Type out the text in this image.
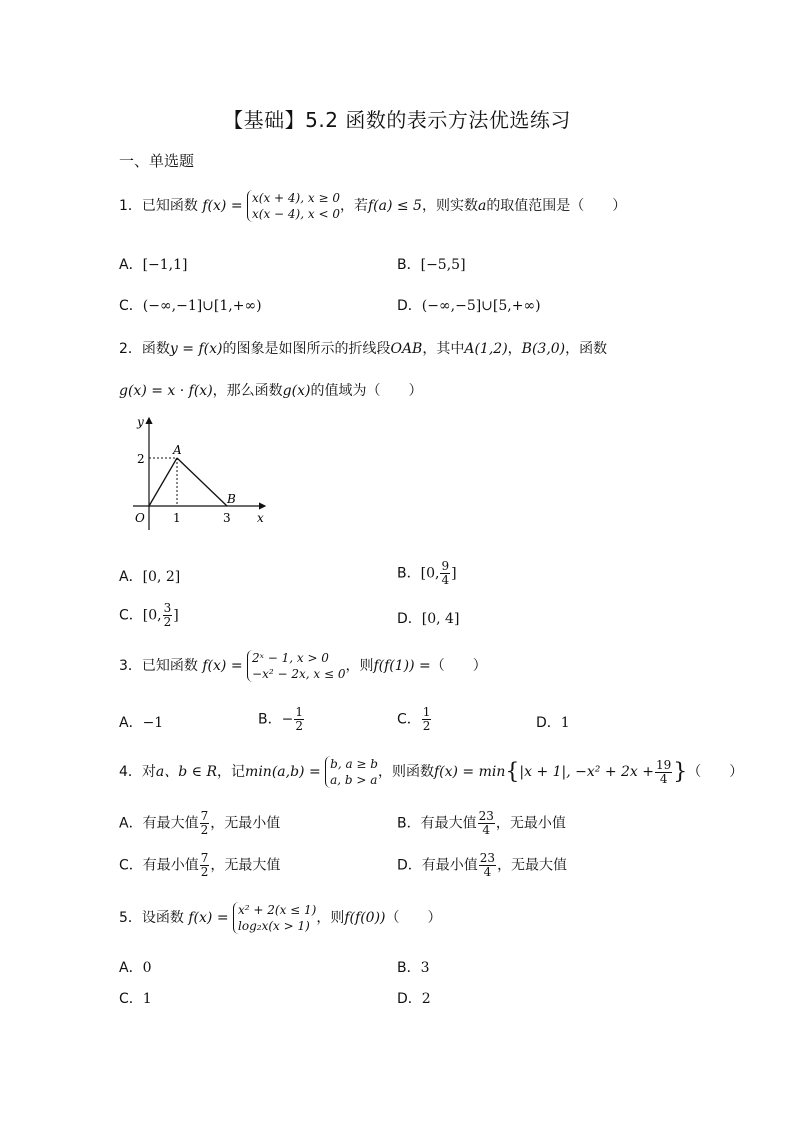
【基础】5.2 函数的表示方法优选练习
一、单选题
1．已知函数 f(x) = x(x + 4), x ≥ 0
x(x − 4), x < 0 ，若f(a) ≤ 5，则实数a的取值范围是（　　）
A．[−1,1]	B．[−5,5]
C．(−∞,−1]∪[1,+∞)	D．(−∞,−5]∪[5,+∞)
2．函数y = f(x)的图象是如图所示的折线段OAB，其中A(1,2)，B(3,0)，函数
g(x) = x · f(x)，那么函数g(x)的值域为（　　）
y
x
O
A
B
1	3
2
A．[0, 2]	B．[0, $\frac{9}{4}$ ]
C．[0, $\frac{3}{2}$ ]	D．[0, 4]
3．已知函数 f(x) = 2ˣ − 1, x > 0
−x² − 2x, x ≤ 0 ，则f(f(1)) =（　　）
A．−1	B．− $\frac{1}{2}$	C． $\frac{1}{2}$	D．1
4．对a、b ∈ R，记min(a,b) = b, a ≥ b
a, b > a ，则函数f(x) = min{|x + 1|, $-x^2 + 2x + \frac{19}{4}$ }（　　）
A．有最大值 $\frac{7}{2}$ ，无最小值	B．有最大值 $\frac{23}{4}$ ，无最小值
C．有最小值 $\frac{7}{2}$ ，无最大值	D．有最小值 $\frac{23}{4}$ ，无最大值
5．设函数 f(x) = x² + 2(x ≤ 1)
log₂x(x > 1) ，则f(f(0))（　　）
A．0	B．3
C．1	D．2
